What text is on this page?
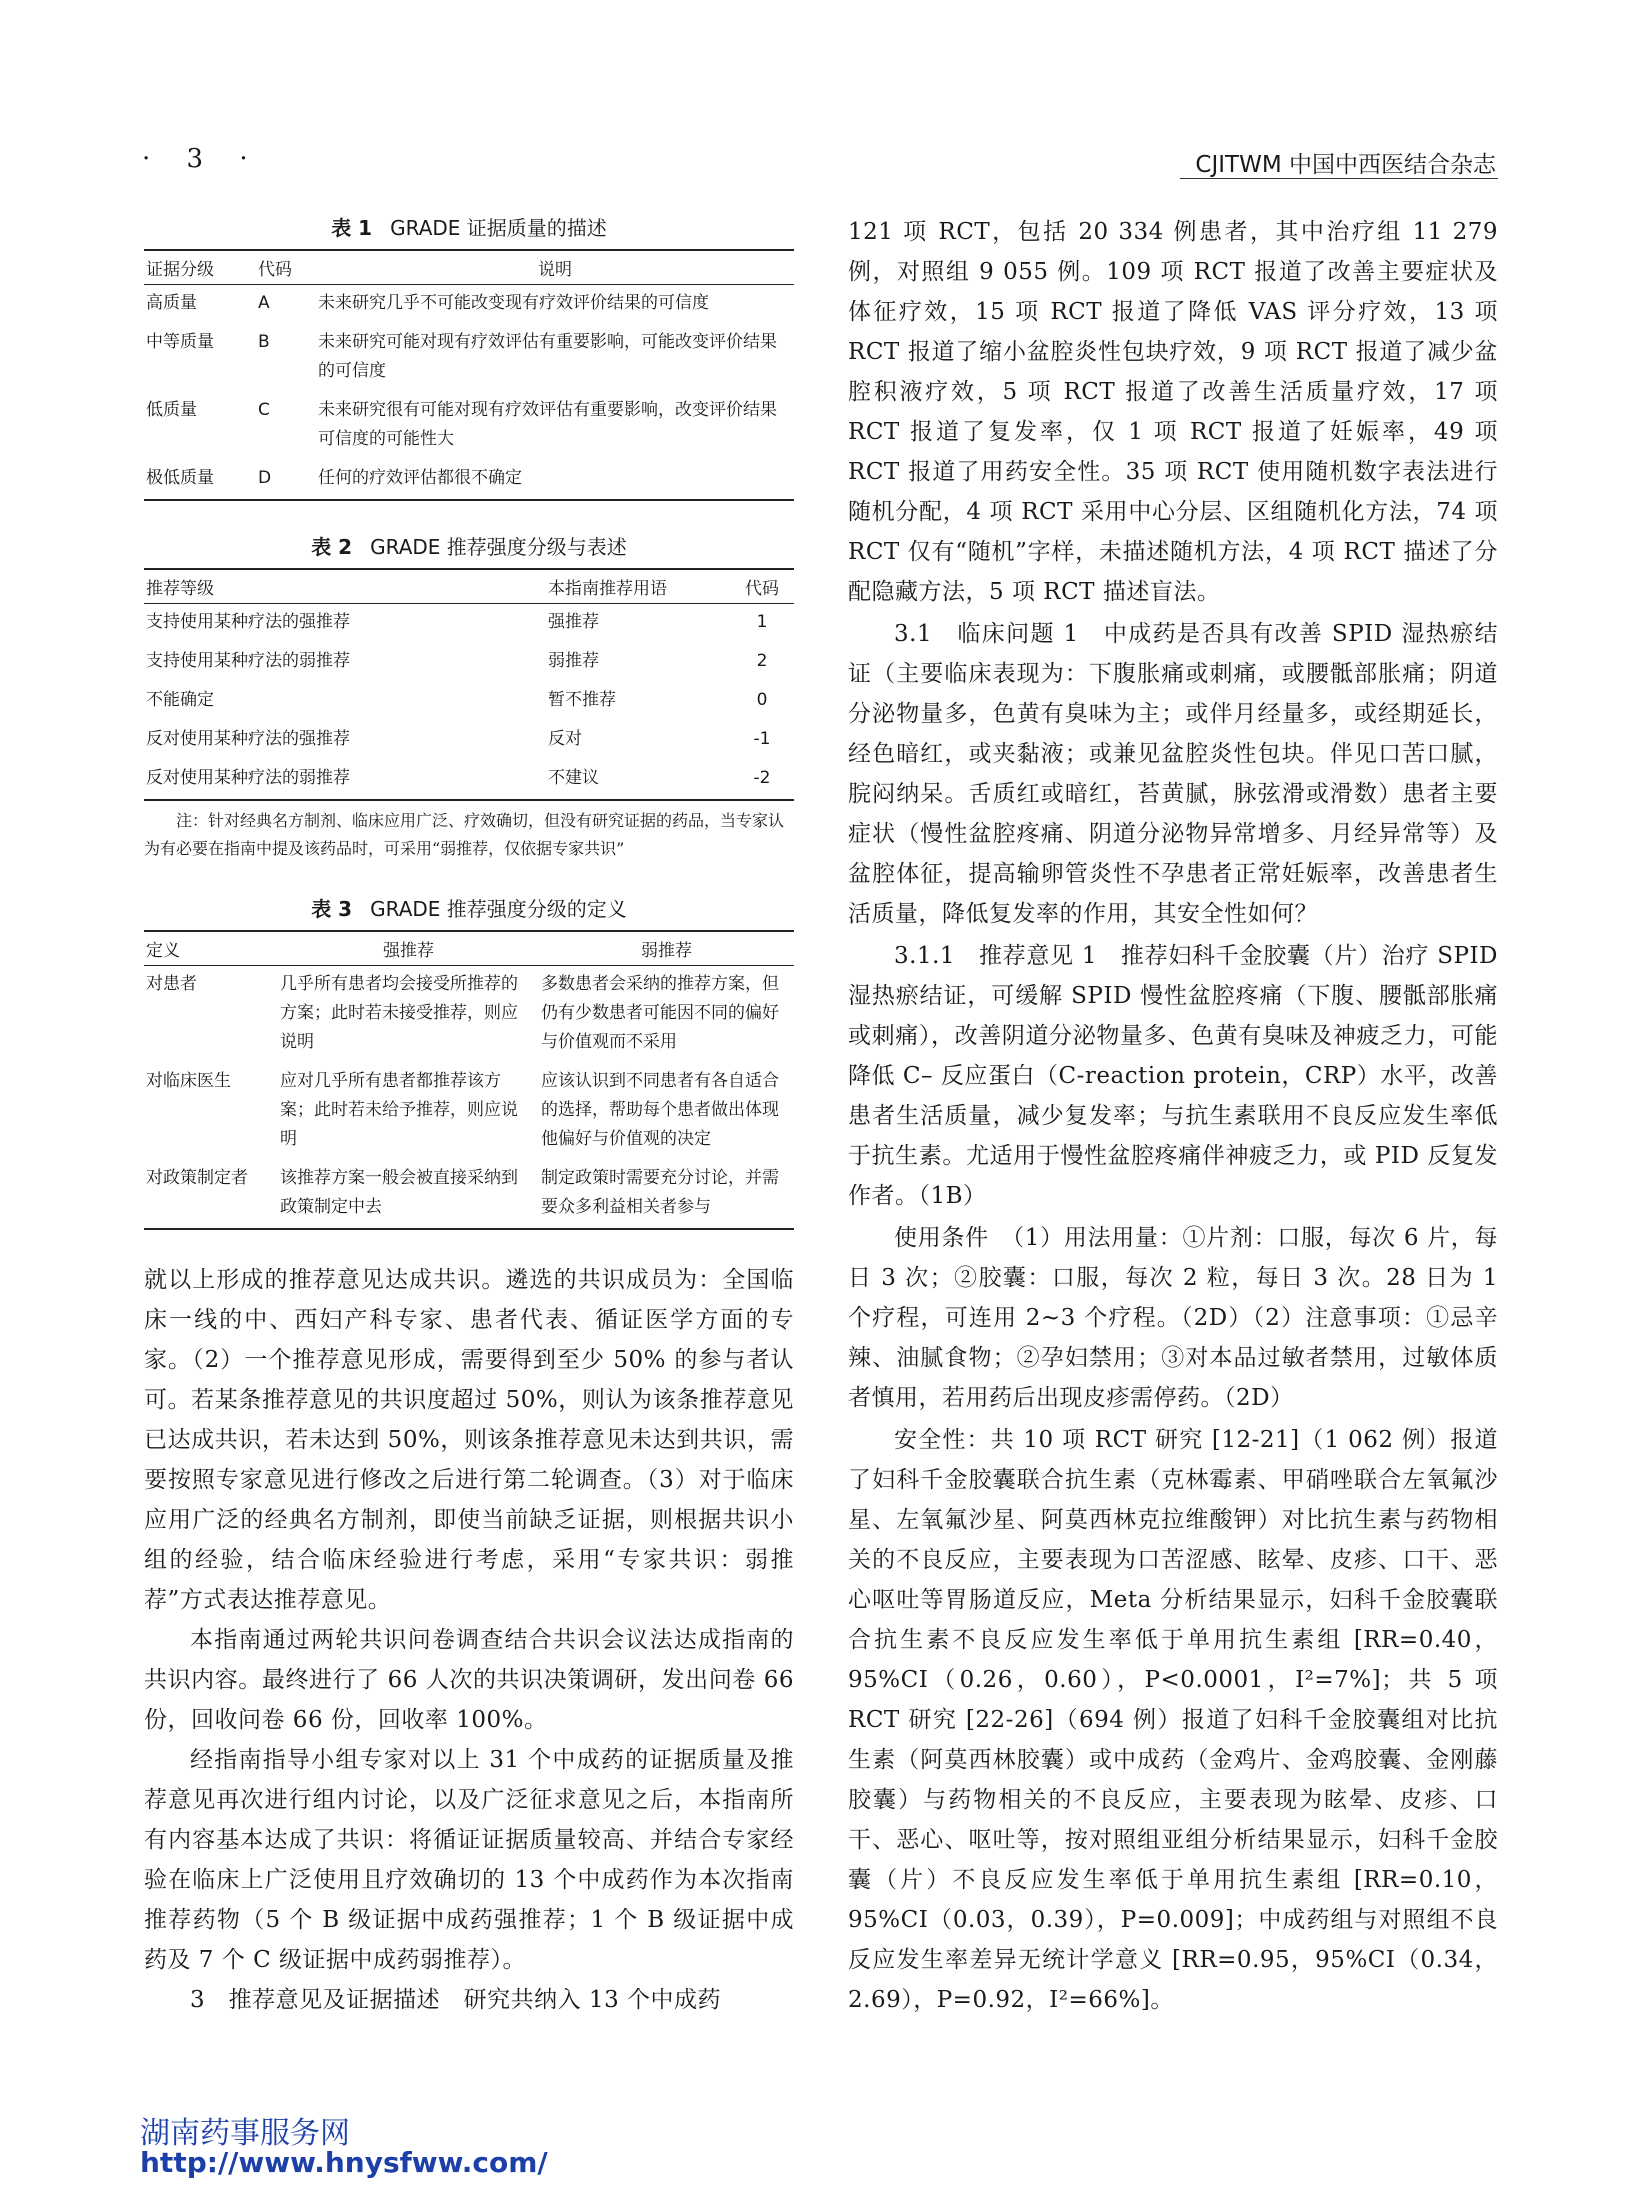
· 3 ·	CJITWM 中国中西医结合杂志
表 1 GRADE 证据质量的描述
证据分级	代码	说明
高质量	A	未来研究几乎不可能改变现有疗效评价结果的可信度
中等质量	B	未来研究可能对现有疗效评估有重要影响，可能改变评价结果的可信度
低质量	C	未来研究很有可能对现有疗效评估有重要影响，改变评价结果可信度的可能性大
极低质量	D	任何的疗效评估都很不确定
表 2 GRADE 推荐强度分级与表述
推荐等级	本指南推荐用语	代码
支持使用某种疗法的强推荐	强推荐	1
支持使用某种疗法的弱推荐	弱推荐	2
不能确定	暂不推荐	0
反对使用某种疗法的强推荐	反对	-1
反对使用某种疗法的弱推荐	不建议	-2
注：针对经典名方制剂、临床应用广泛、疗效确切，但没有研究证据的药品，当专家认为有必要在指南中提及该药品时，可采用“弱推荐，仅依据专家共识”
表 3 GRADE 推荐强度分级的定义
定义	强推荐	弱推荐
对患者	几乎所有患者均会接受所推荐的方案；此时若未接受推荐，则应说明	多数患者会采纳的推荐方案，但仍有少数患者可能因不同的偏好与价值观而不采用
对临床医生	应对几乎所有患者都推荐该方案；此时若未给予推荐，则应说明	应该认识到不同患者有各自适合的选择，帮助每个患者做出体现他偏好与价值观的决定
对政策制定者	该推荐方案一般会被直接采纳到政策制定中去	制定政策时需要充分讨论，并需要众多利益相关者参与

就以上形成的推荐意见达成共识。遴选的共识成员为：全国临床一线的中、西妇产科专家、患者代表、循证医学方面的专家。（2）一个推荐意见形成，需要得到至少 50% 的参与者认可。若某条推荐意见的共识度超过 50%，则认为该条推荐意见已达成共识，若未达到 50%，则该条推荐意见未达到共识，需要按照专家意见进行修改之后进行第二轮调查。（3）对于临床应用广泛的经典名方制剂，即使当前缺乏证据，则根据共识小组的经验，结合临床经验进行考虑，采用“专家共识：弱推荐”方式表达推荐意见。

本指南通过两轮共识问卷调查结合共识会议法达成指南的共识内容。最终进行了 66 人次的共识决策调研，发出问卷 66 份，回收问卷 66 份，回收率 100%。

经指南指导小组专家对以上 31 个中成药的证据质量及推荐意见再次进行组内讨论，以及广泛征求意见之后，本指南所有内容基本达成了共识：将循证证据质量较高、并结合专家经验在临床上广泛使用且疗效确切的 13 个中成药作为本次指南推荐药物（5 个 B 级证据中成药强推荐；1 个 B 级证据中成药及 7 个 C 级证据中成药弱推荐）。

3　推荐意见及证据描述　研究共纳入 13 个中成药

121 项 RCT，包括 20 334 例患者，其中治疗组 11 279 例，对照组 9 055 例。109 项 RCT 报道了改善主要症状及体征疗效，15 项 RCT 报道了降低 VAS 评分疗效，13 项 RCT 报道了缩小盆腔炎性包块疗效，9 项 RCT 报道了减少盆腔积液疗效，5 项 RCT 报道了改善生活质量疗效，17 项 RCT 报道了复发率，仅 1 项 RCT 报道了妊娠率，49 项 RCT 报道了用药安全性。35 项 RCT 使用随机数字表法进行随机分配，4 项 RCT 采用中心分层、区组随机化方法，74 项 RCT 仅有“随机”字样，未描述随机方法，4 项 RCT 描述了分配隐藏方法，5 项 RCT 描述盲法。

3.1　临床问题 1　中成药是否具有改善 SPID 湿热瘀结证（主要临床表现为：下腹胀痛或刺痛，或腰骶部胀痛；阴道分泌物量多，色黄有臭味为主；或伴月经量多，或经期延长，经色暗红，或夹黏液；或兼见盆腔炎性包块。伴见口苦口腻，脘闷纳呆。舌质红或暗红，苔黄腻，脉弦滑或滑数）患者主要症状（慢性盆腔疼痛、阴道分泌物异常增多、月经异常等）及盆腔体征，提高输卵管炎性不孕患者正常妊娠率，改善患者生活质量，降低复发率的作用，其安全性如何？

3.1.1　推荐意见 1　推荐妇科千金胶囊（片）治疗 SPID 湿热瘀结证，可缓解 SPID 慢性盆腔疼痛（下腹、腰骶部胀痛或刺痛），改善阴道分泌物量多、色黄有臭味及神疲乏力，可能降低 C– 反应蛋白（C-reaction protein，CRP）水平，改善患者生活质量，减少复发率；与抗生素联用不良反应发生率低于抗生素。尤适用于慢性盆腔疼痛伴神疲乏力，或 PID 反复发作者。（1B）

使用条件　（1）用法用量：①片剂：口服，每次 6 片，每日 3 次；②胶囊：口服，每次 2 粒，每日 3 次。28 日为 1 个疗程，可连用 2~3 个疗程。（2D）（2）注意事项：①忌辛辣、油腻食物；②孕妇禁用；③对本品过敏者禁用，过敏体质者慎用，若用药后出现皮疹需停药。（2D）

安全性：共 10 项 RCT 研究 [12-21]（1 062 例）报道了妇科千金胶囊联合抗生素（克林霉素、甲硝唑联合左氧氟沙星、左氧氟沙星、阿莫西林克拉维酸钾）对比抗生素与药物相关的不良反应，主要表现为口苦涩感、眩晕、皮疹、口干、恶心呕吐等胃肠道反应，Meta 分析结果显示，妇科千金胶囊联合抗生素不良反应发生率低于单用抗生素组 [RR=0.40，95%CI（0.26，0.60），P<0.0001，I²=7%]；共 5 项 RCT 研究 [22-26]（694 例）报道了妇科千金胶囊组对比抗生素（阿莫西林胶囊）或中成药（金鸡片、金鸡胶囊、金刚藤胶囊）与药物相关的不良反应，主要表现为眩晕、皮疹、口干、恶心、呕吐等，按对照组亚组分析结果显示，妇科千金胶囊（片）不良反应发生率低于单用抗生素组 [RR=0.10，95%CI（0.03，0.39），P=0.009]；中成药组与对照组不良反应发生率差异无统计学意义 [RR=0.95，95%CI（0.34，2.69），P=0.92，I²=66%]。

湖南药事服务网
http://www.hnysfww.com/
